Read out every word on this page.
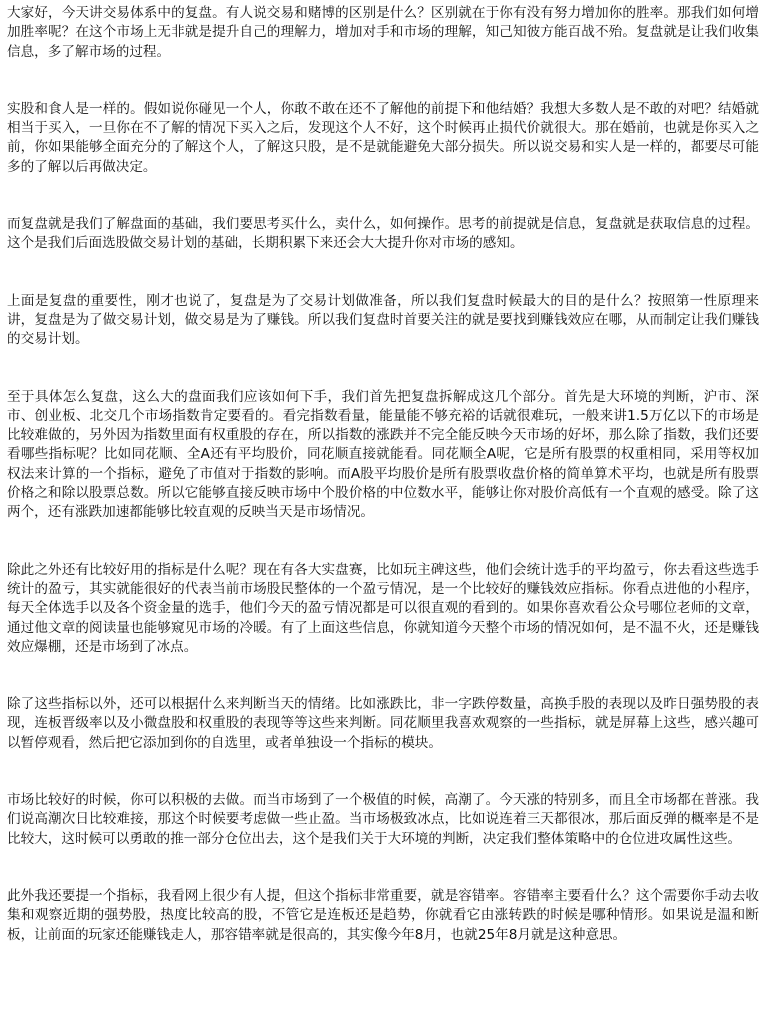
大家好，今天讲交易体系中的复盘。有人说交易和赌博的区别是什么？区别就在于你有没有努力增加你的胜率。那我们如何增加胜率呢？在这个市场上无非就是提升自己的理解力，增加对手和市场的理解，知己知彼方能百战不殆。复盘就是让我们收集信息，多了解市场的过程。

实股和食人是一样的。假如说你碰见一个人，你敢不敢在还不了解他的前提下和他结婚？我想大多数人是不敢的对吧？结婚就相当于买入，一旦你在不了解的情况下买入之后，发现这个人不好，这个时候再止损代价就很大。那在婚前，也就是你买入之前，你如果能够全面充分的了解这个人，了解这只股，是不是就能避免大部分损失。所以说交易和实人是一样的，都要尽可能多的了解以后再做决定。

而复盘就是我们了解盘面的基础，我们要思考买什么，卖什么，如何操作。思考的前提就是信息，复盘就是获取信息的过程。这个是我们后面选股做交易计划的基础，长期积累下来还会大大提升你对市场的感知。

上面是复盘的重要性，刚才也说了，复盘是为了交易计划做准备，所以我们复盘时候最大的目的是什么？按照第一性原理来讲，复盘是为了做交易计划，做交易是为了赚钱。所以我们复盘时首要关注的就是要找到赚钱效应在哪，从而制定让我们赚钱的交易计划。

至于具体怎么复盘，这么大的盘面我们应该如何下手，我们首先把复盘拆解成这几个部分。首先是大环境的判断，沪市、深市、创业板、北交几个市场指数肯定要看的。看完指数看量，能量能不够充裕的话就很难玩，一般来讲1.5万亿以下的市场是比较难做的，另外因为指数里面有权重股的存在，所以指数的涨跌并不完全能反映今天市场的好坏，那么除了指数，我们还要看哪些指标呢？比如同花顺、全A还有平均股价，同花顺直接就能看。同花顺全A呢，它是所有股票的权重相同，采用等权加权法来计算的一个指标，避免了市值对于指数的影响。而A股平均股价是所有股票收盘价格的简单算术平均，也就是所有股票价格之和除以股票总数。所以它能够直接反映市场中个股价格的中位数水平，能够让你对股价高低有一个直观的感受。除了这两个，还有涨跌加速都能够比较直观的反映当天是市场情况。

除此之外还有比较好用的指标是什么呢？现在有各大实盘赛，比如玩主碑这些，他们会统计选手的平均盈亏，你去看这些选手统计的盈亏，其实就能很好的代表当前市场股民整体的一个盈亏情况，是一个比较好的赚钱效应指标。你看点进他的小程序，每天全体选手以及各个资金量的选手，他们今天的盈亏情况都是可以很直观的看到的。如果你喜欢看公众号哪位老师的文章，通过他文章的阅读量也能够窥见市场的冷暖。有了上面这些信息，你就知道今天整个市场的情况如何，是不温不火，还是赚钱效应爆棚，还是市场到了冰点。

除了这些指标以外，还可以根据什么来判断当天的情绪。比如涨跌比，非一字跌停数量，高换手股的表现以及昨日强势股的表现，连板晋级率以及小微盘股和权重股的表现等等这些来判断。同花顺里我喜欢观察的一些指标，就是屏幕上这些，感兴趣可以暂停观看，然后把它添加到你的自选里，或者单独设一个指标的模块。

市场比较好的时候，你可以积极的去做。而当市场到了一个极值的时候，高潮了。今天涨的特别多，而且全市场都在普涨。我们说高潮次日比较难接，那这个时候要考虑做一些止盈。当市场极致冰点，比如说连着三天都很冰，那后面反弹的概率是不是比较大，这时候可以勇敢的推一部分仓位出去，这个是我们关于大环境的判断，决定我们整体策略中的仓位进攻属性这些。

此外我还要提一个指标，我看网上很少有人提，但这个指标非常重要，就是容错率。容错率主要看什么？这个需要你手动去收集和观察近期的强势股，热度比较高的股，不管它是连板还是趋势，你就看它由涨转跌的时候是哪种情形。如果说是温和断板，让前面的玩家还能赚钱走人，那容错率就是很高的，其实像今年8月，也就25年8月就是这种意思。
